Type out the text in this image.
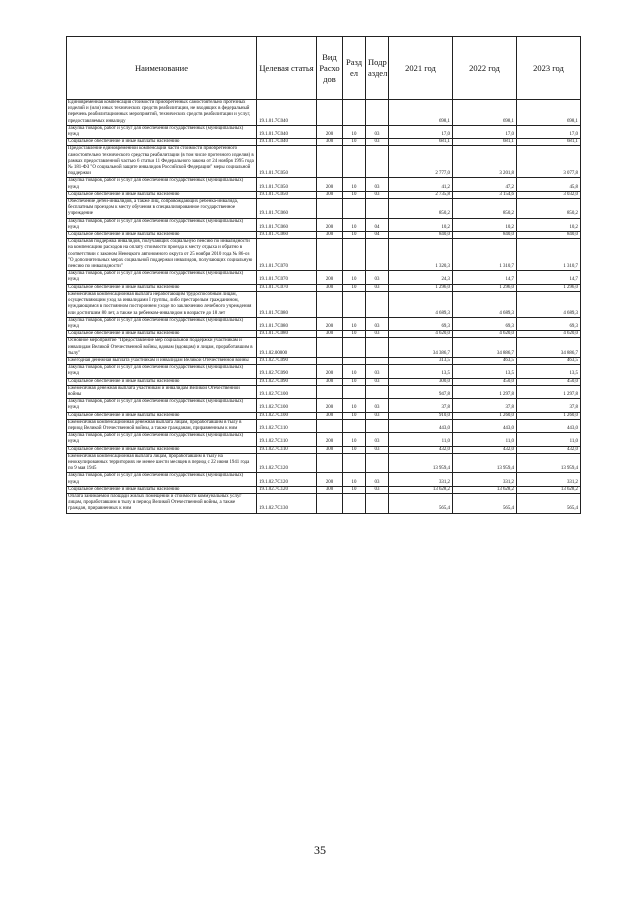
Наименование	Целевая статья	Вид Расхо дов	Разд ел	Подр аздел	2021 год	2022 год	2023 год
Единовременная компенсация стоимости приобретенных самостоятельно протезных изделий и (или) иных технических средств реабилитации, не входящих в федеральный перечень реабилитационных мероприятий, технических средств реабилитации и услуг, предоставляемых инвалиду	19.1.01.7С040				698,1	698,1	698,1
Закупка товаров, работ и услуг для обеспечения государственных (муниципальных) нужд	19.1.01.7С040	200	10	03	17,0	17,0	17,0
Социальное обеспечение и иные выплаты населению	19.1.01.7С040	300	10	03	681,1	681,1	681,1
Предоставление единовременной компенсации части стоимости приобретенного самостоятельно технического средства реабилитации (в том числе протезного изделия) в рамках предоставленной частью 6 статьи 11 Федерального закона от 24 ноября 1995 года № 181-ФЗ "О социальной защите инвалидов Российской Федерации" меры социальной поддержки	19.1.01.7С050				2 777,0	3 201,8	3 077,8
Закупка товаров, работ и услуг для обеспечения государственных (муниципальных) нужд	19.1.01.7С050	200	10	03	41,2	47,2	45,8
Социальное обеспечение и иные выплаты населению	19.1.01.7С050	300	10	03	2 735,8	3 154,6	3 032,0
Обеспечение детей-инвалидов, а также лиц, сопровождающих ребёнка-инвалида, бесплатным проездом к месту обучения в специализированное государственное учреждение	19.1.01.7С060				850,2	850,2	850,2
Закупка товаров, работ и услуг для обеспечения государственных (муниципальных) нужд	19.1.01.7С060	200	10	04	10,2	10,2	10,2
Социальное обеспечение и иные выплаты населению	19.1.01.7С060	300	10	04	840,0	840,0	840,0
Социальная поддержка инвалидов, получающих социальную пенсию по инвалидности на компенсацию расходов на оплату стоимости проезда к месту отдыха и обратно в соответствии с законом Ненецкого автономного округа от 25 ноября 2010 года № 86-оз "О дополнительных мерах социальной поддержки инвалидов, получающих социальную пенсию по инвалидности"	19.1.01.7С070				1 320,3	1 310,7	1 310,7
Закупка товаров, работ и услуг для обеспечения государственных (муниципальных) нужд	19.1.01.7С070	200	10	03	24,3	14,7	14,7
Социальное обеспечение и иные выплаты населению	19.1.01.7С070	300	10	03	1 296,0	1 296,0	1 296,0
Ежемесячная компенсационная выплата неработающим трудоспособным лицам, осуществляющим уход за инвалидами I группы, либо престарелым гражданином, нуждающимся в постоянном постороннем уходе по заключению лечебного учреждения или достигшим 80 лет, а также за ребенком-инвалидом в возрасте до 18 лет	19.1.01.7С080				4 689,3	4 689,3	4 689,3
Закупка товаров, работ и услуг для обеспечения государственных (муниципальных) нужд	19.1.01.7С080	200	10	03	69,3	69,3	69,3
Социальное обеспечение и иные выплаты населению	19.1.01.7С080	300	10	03	4 620,0	4 620,0	4 620,0
Основное мероприятие "Предоставление мер социальной поддержки участникам и инвалидам Великой Отечественной войны, вдовам (вдовцам) и лицам, проработавшим в тылу"	19.1.02.00000				34 386,7	34 886,7	34 886,7
Ежегодная денежная выплата участникам и инвалидам Великой Отечественной войны	19.1.02.7С090				313,5	463,5	463,5
Закупка товаров, работ и услуг для обеспечения государственных (муниципальных) нужд	19.1.02.7С090	200	10	03	13,5	13,5	13,5
Социальное обеспечение и иные выплаты населению	19.1.02.7С090	300	10	03	300,0	450,0	450,0
Ежемесячная денежная выплата участникам и инвалидам Великой Отечественной войны	19.1.02.7С100				947,8	1 297,8	1 297,8
Закупка товаров, работ и услуг для обеспечения государственных (муниципальных) нужд	19.1.02.7С100	200	10	03	37,8	37,8	37,8
Социальное обеспечение и иные выплаты населению	19.1.02.7С100	300	10	03	910,0	1 260,0	1 260,0
Ежемесячная компенсационная денежная выплата лицам, проработавшим в тылу в период Великой Отечественной войны, а также гражданам, приравненным к ним	19.1.02.7С110				443,0	443,0	443,0
Закупка товаров, работ и услуг для обеспечения государственных (муниципальных) нужд	19.1.02.7С110	200	10	03	11,0	11,0	11,0
Социальное обеспечение и иные выплаты населению	19.1.02.7С110	300	10	03	432,0	432,0	432,0
Ежемесячная компенсационная выплата лицам, проработавшим в тылу на неоккупированных территориях не менее шести месяцев в период с 22 июня 1941 года по 9 мая 1945	19.1.02.7С120				13 959,4	13 959,4	13 959,4
Закупка товаров, работ и услуг для обеспечения государственных (муниципальных) нужд	19.1.02.7С120	200	10	03	331,2	331,2	331,2
Социальное обеспечение и иные выплаты населению	19.1.02.7С120	300	10	03	13 628,2	13 628,2	13 628,2
Оплата занимаемой площади жилых помещений и стоимости коммунальных услуг лицам, проработавшим в тылу в период Великой Отечественной войны, а также граждан, приравненных к ним	19.1.02.7С130				565,4	565,4	565,4
35
